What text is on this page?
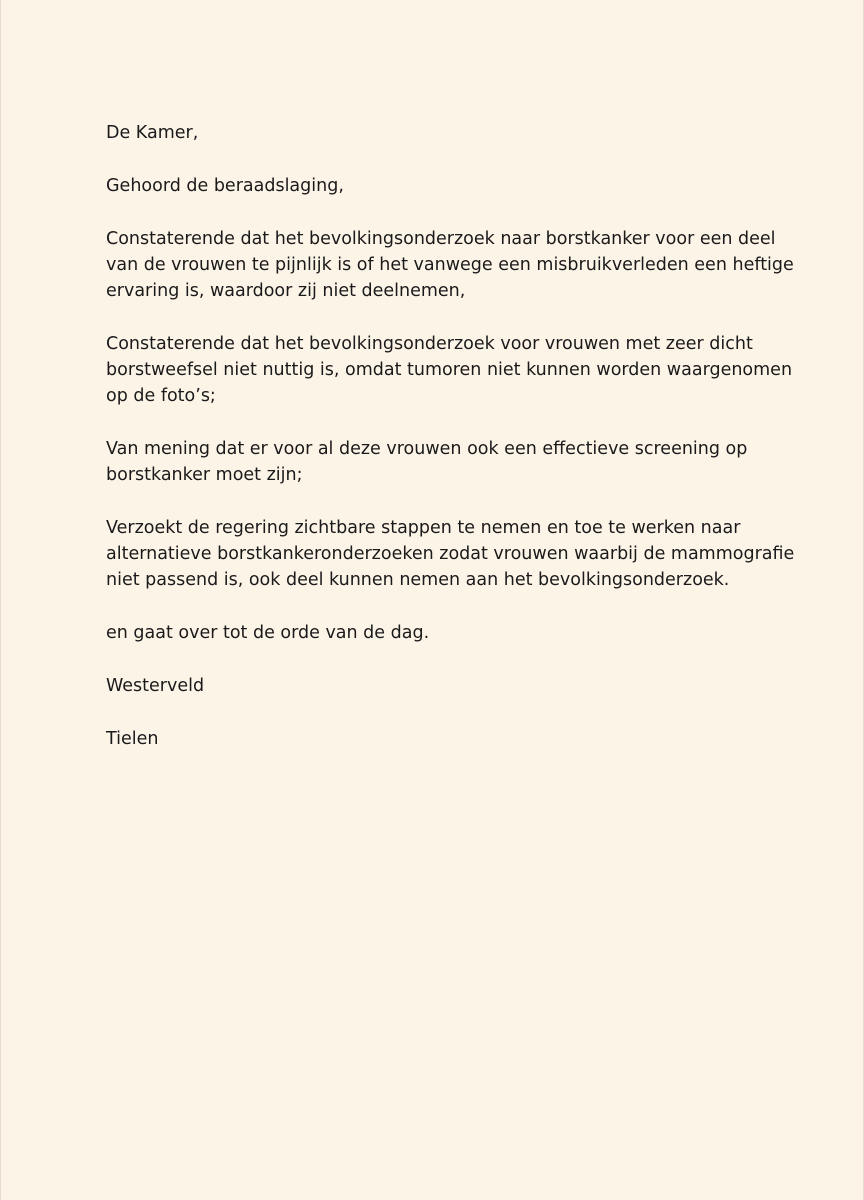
De Kamer,

Gehoord de beraadslaging,

Constaterende dat het bevolkingsonderzoek naar borstkanker voor een deel
van de vrouwen te pijnlijk is of het vanwege een misbruikverleden een heftige
ervaring is, waardoor zij niet deelnemen,

Constaterende dat het bevolkingsonderzoek voor vrouwen met zeer dicht
borstweefsel niet nuttig is, omdat tumoren niet kunnen worden waargenomen
op de foto’s;

Van mening dat er voor al deze vrouwen ook een effectieve screening op
borstkanker moet zijn;

Verzoekt de regering zichtbare stappen te nemen en toe te werken naar
alternatieve borstkankeronderzoeken zodat vrouwen waarbij de mammografie
niet passend is, ook deel kunnen nemen aan het bevolkingsonderzoek.

en gaat over tot de orde van de dag.

Westerveld

Tielen
